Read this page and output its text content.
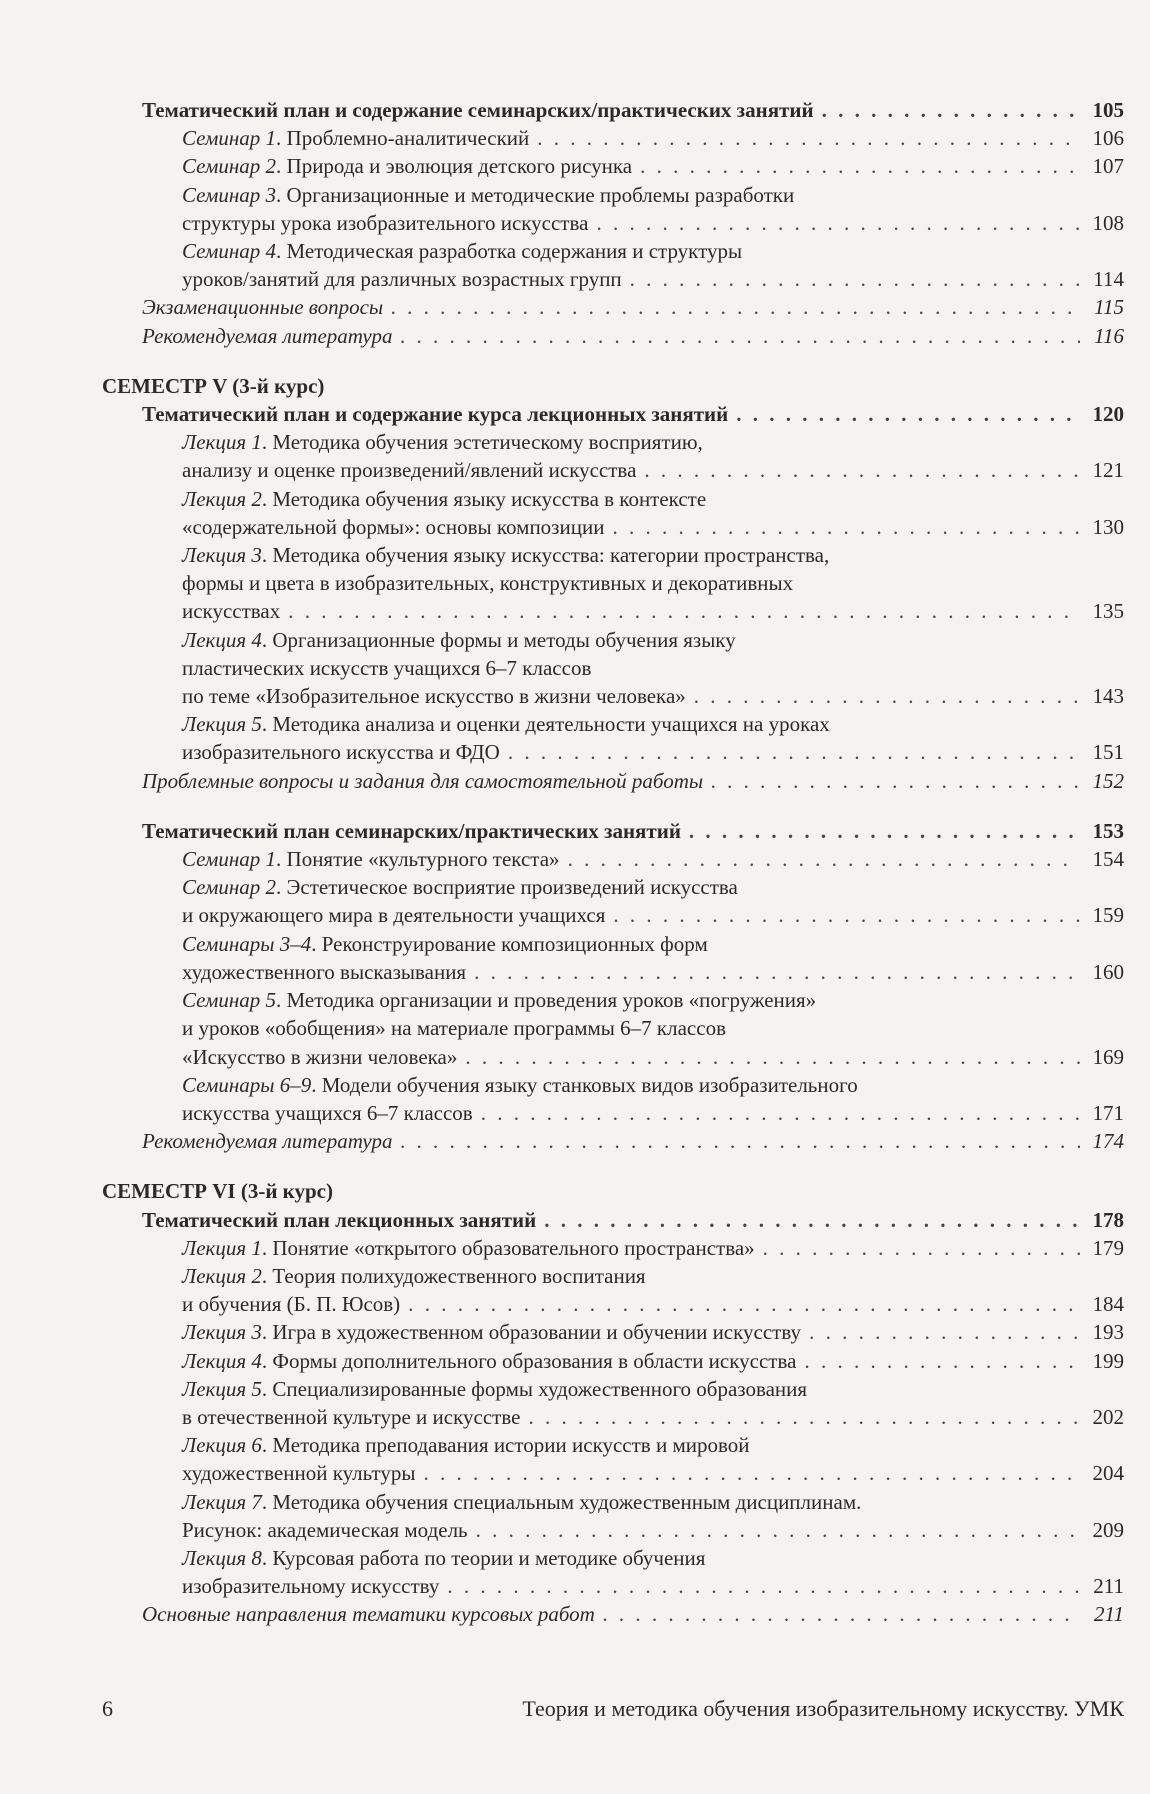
Тематический план и содержание семинарских/практических занятий . . .	105
Семинар 1. Проблемно-аналитический . . .	106
Семинар 2. Природа и эволюция детского рисунка . . .	107
Семинар 3. Организационные и методические проблемы разработки
структуры урока изобразительного искусства . . .	108
Семинар 4. Методическая разработка содержания и структуры
уроков/занятий для различных возрастных групп . . .	114
Экзаменационные вопросы . . .	115
Рекомендуемая литература . . .	116
СЕМЕСТР V (3-й курс)
Тематический план и содержание курса лекционных занятий . . .	120
Лекция 1. Методика обучения эстетическому восприятию,
анализу и оценке произведений/явлений искусства . . .	121
Лекция 2. Методика обучения языку искусства в контексте
«содержательной формы»: основы композиции . . .	130
Лекция 3. Методика обучения языку искусства: категории пространства,
формы и цвета в изобразительных, конструктивных и декоративных
искусствах . . .	135
Лекция 4. Организационные формы и методы обучения языку
пластических искусств учащихся 6–7 классов
по теме «Изобразительное искусство в жизни человека» . . .	143
Лекция 5. Методика анализа и оценки деятельности учащихся на уроках
изобразительного искусства и ФДО . . .	151
Проблемные вопросы и задания для самостоятельной работы . . .	152
Тематический план семинарских/практических занятий . . .	153
Семинар 1. Понятие «культурного текста» . . .	154
Семинар 2. Эстетическое восприятие произведений искусства
и окружающего мира в деятельности учащихся . . .	159
Семинары 3–4. Реконструирование композиционных форм
художественного высказывания . . .	160
Семинар 5. Методика организации и проведения уроков «погружения»
и уроков «обобщения» на материале программы 6–7 классов
«Искусство в жизни человека» . . .	169
Семинары 6–9. Модели обучения языку станковых видов изобразительного
искусства учащихся 6–7 классов . . .	171
Рекомендуемая литература . . .	174
СЕМЕСТР VI (3-й курс)
Тематический план лекционных занятий . . .	178
Лекция 1. Понятие «открытого образовательного пространства» . . .	179
Лекция 2. Теория полихудожественного воспитания
и обучения (Б. П. Юсов) . . .	184
Лекция 3. Игра в художественном образовании и обучении искусству . . .	193
Лекция 4. Формы дополнительного образования в области искусства . . .	199
Лекция 5. Специализированные формы художественного образования
в отечественной культуре и искусстве . . .	202
Лекция 6. Методика преподавания истории искусств и мировой
художественной культуры . . .	204
Лекция 7. Методика обучения специальным художественным дисциплинам.
Рисунок: академическая модель . . .	209
Лекция 8. Курсовая работа по теории и методике обучения
изобразительному искусству . . .	211
Основные направления тематики курсовых работ . . .	211
6	Теория и методика обучения изобразительному искусству. УМК
